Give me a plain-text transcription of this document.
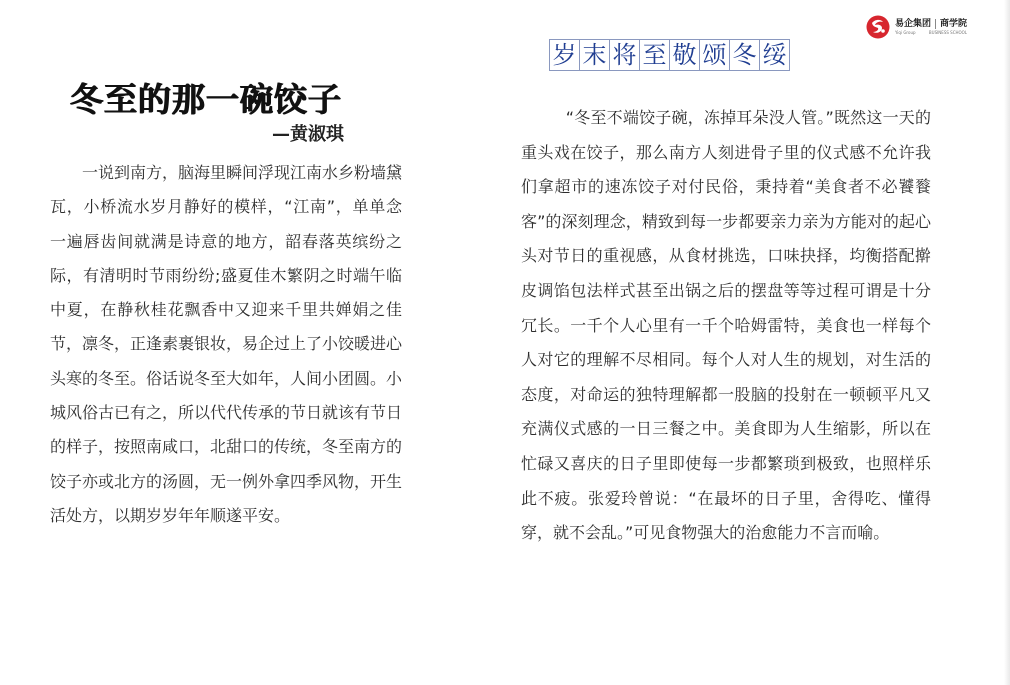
易企集团 商学院
Yiqi Group	BUSINESS SCHOOL
冬至的那一碗饺子
—黄淑琪

一说到南方，脑海里瞬间浮现江南水乡粉墙黛瓦，小桥流水岁月静好的模样，“江南”，单单念一遍唇齿间就满是诗意的地方，韶春落英缤纷之际，有清明时节雨纷纷;盛夏佳木繁阴之时端午临中夏，在静秋桂花飘香中又迎来千里共婵娟之佳节，凛冬，正逢素裹银妆，易企过上了小饺暖进心头寒的冬至。俗话说冬至大如年，人间小团圆。小城风俗古已有之，所以代代传承的节日就该有节日的样子，按照南咸口，北甜口的传统，冬至南方的饺子亦或北方的汤圆，无一例外拿四季风物，开生活处方，以期岁岁年年顺遂平安。

岁 末 将 至 敬 颂 冬 绥

“冬至不端饺子碗，冻掉耳朵没人管。”既然这一天的重头戏在饺子，那么南方人刻进骨子里的仪式感不允许我们拿超市的速冻饺子对付民俗，秉持着“美食者不必饕餮客”的深刻理念，精致到每一步都要亲力亲为方能对的起心头对节日的重视感，从食材挑选，口味抉择，均衡搭配擀皮调馅包法样式甚至出锅之后的摆盘等等过程可谓是十分冗长。一千个人心里有一千个哈姆雷特，美食也一样每个人对它的理解不尽相同。每个人对人生的规划，对生活的态度，对命运的独特理解都一股脑的投射在一顿顿平凡又充满仪式感的一日三餐之中。美食即为人生缩影，所以在忙碌又喜庆的日子里即使每一步都繁琐到极致，也照样乐此不疲。张爱玲曾说：“在最坏的日子里，舍得吃、懂得穿，就不会乱。”可见食物强大的治愈能力不言而喻。
